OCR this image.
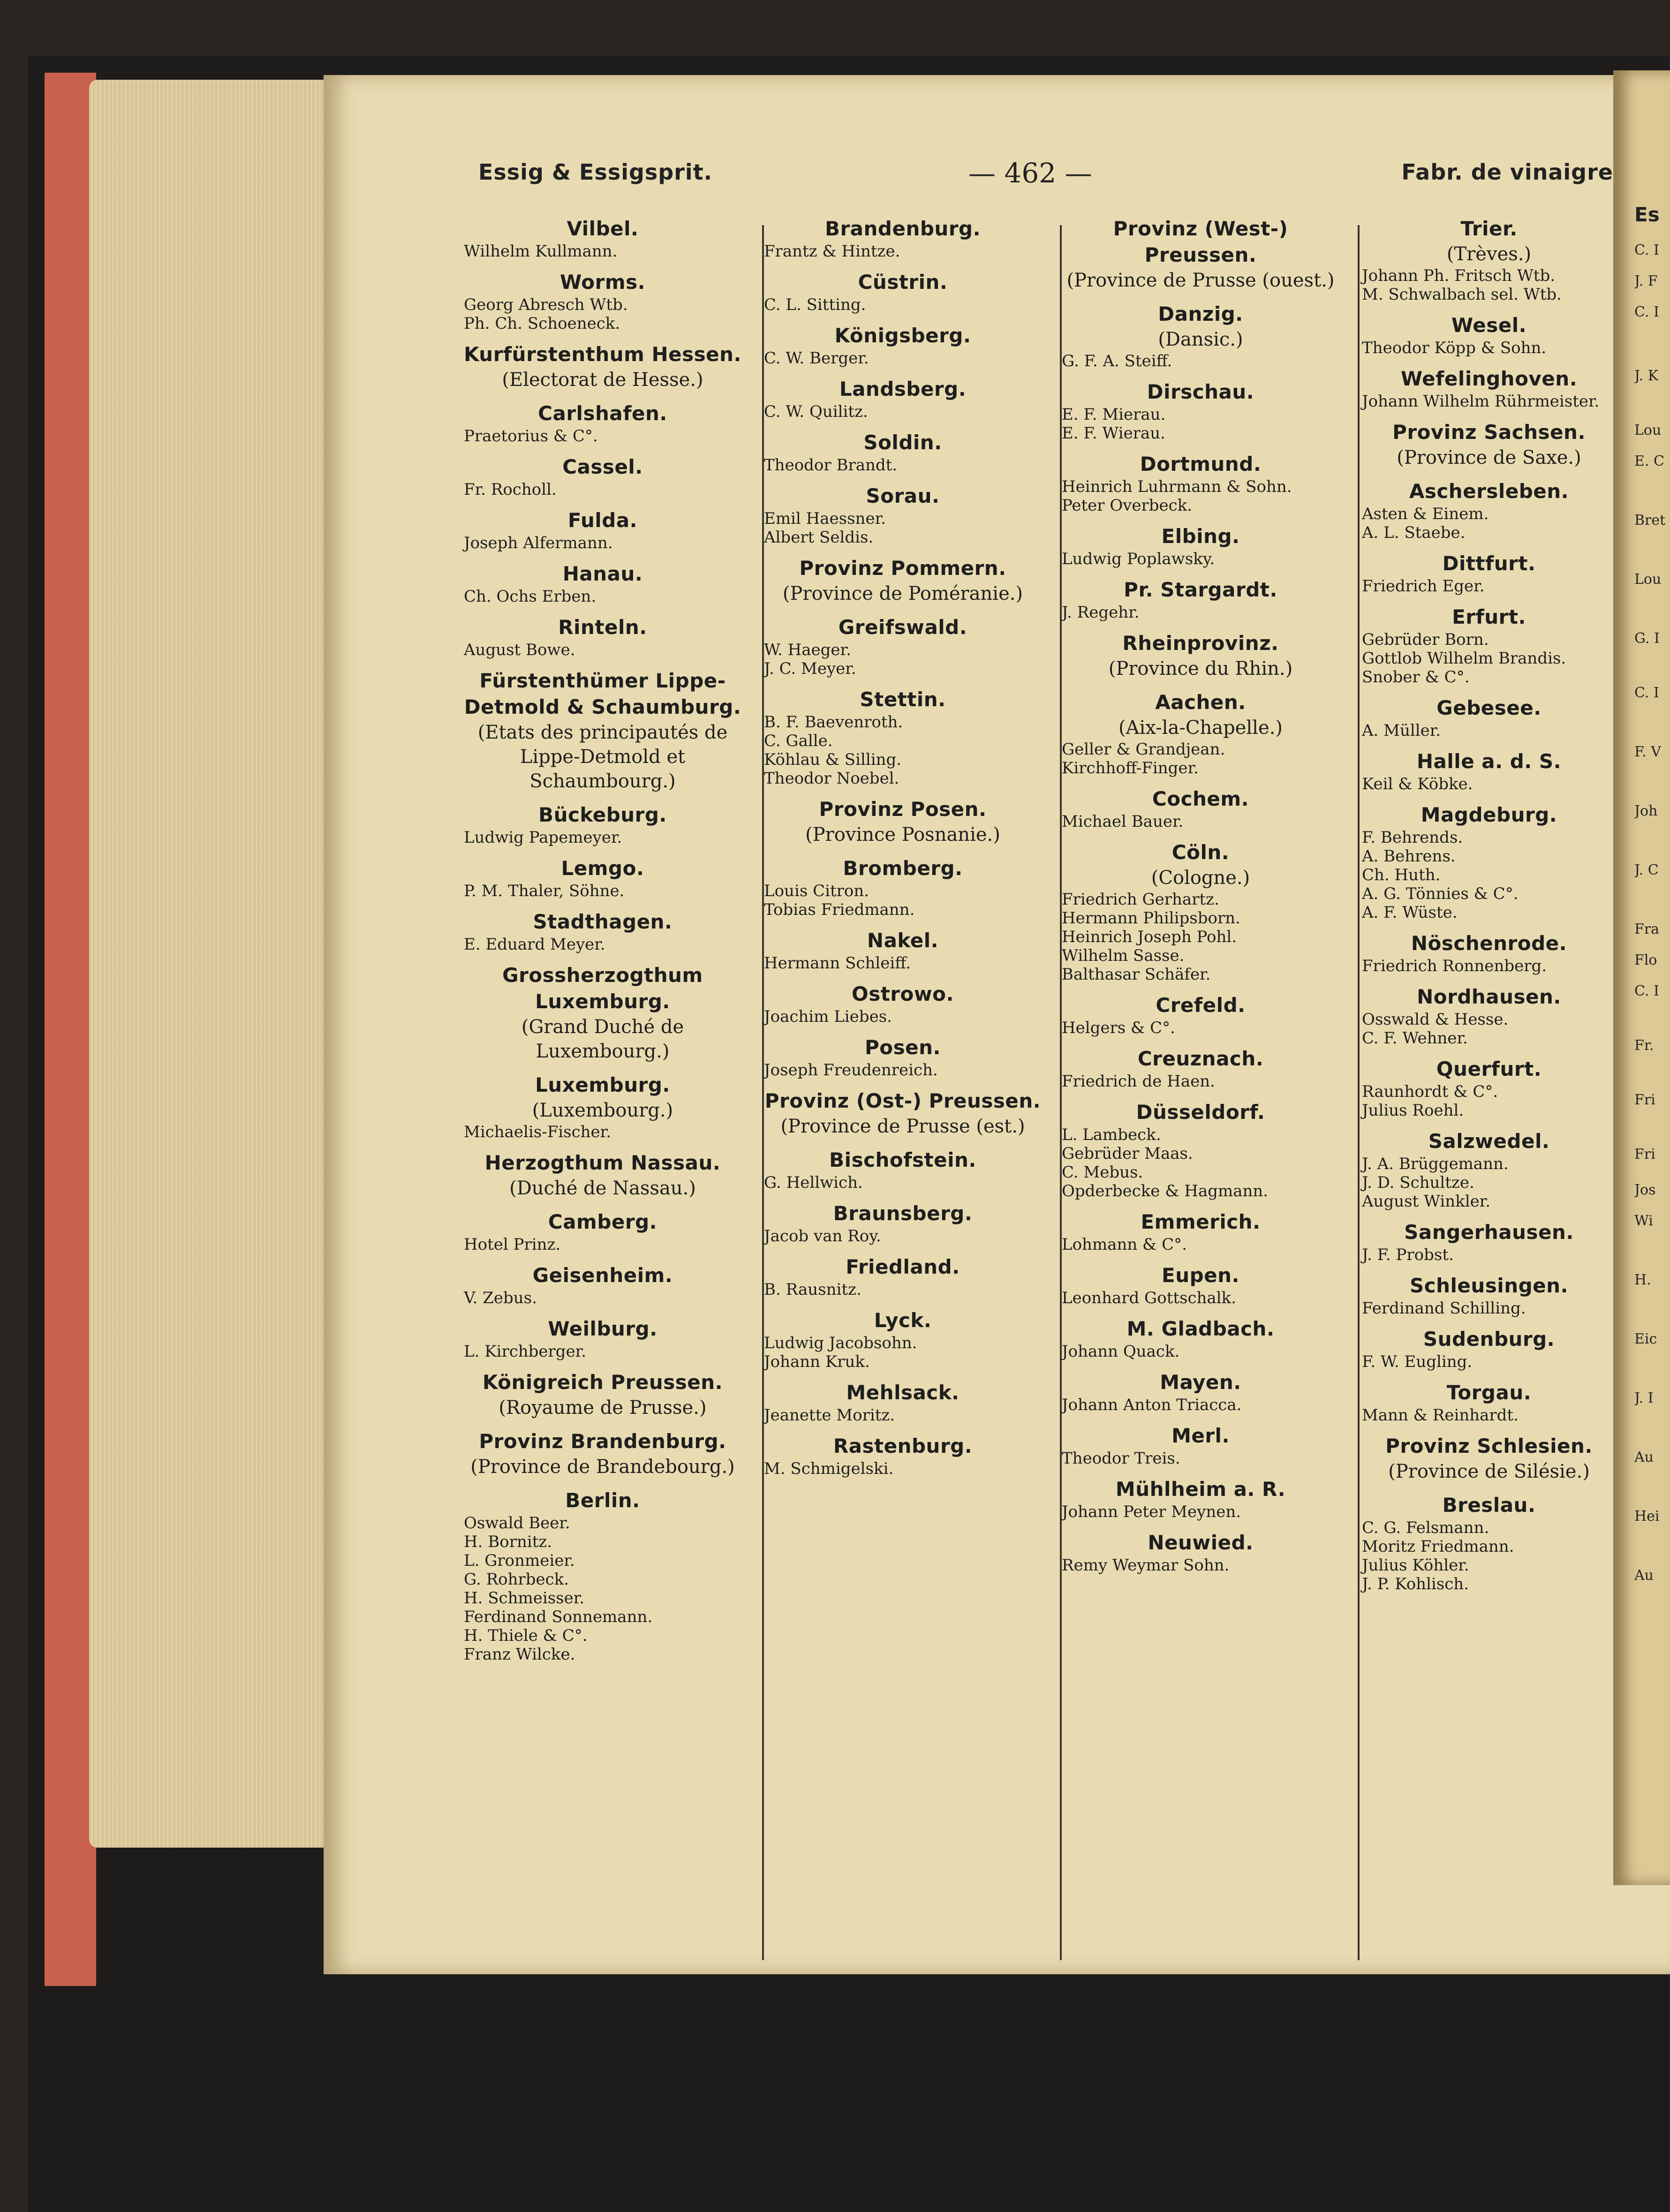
Essig & Essigsprit.	— 462 —	Fabr. de vinaigre
Vilbel.
Wilhelm Kullmann.
Worms.
Georg Abresch Wtb.
Ph. Ch. Schoeneck.
Kurfürstenthum Hessen.
(Electorat de Hesse.)
Carlshafen.
Praetorius & C°.
Cassel.
Fr. Rocholl.
Fulda.
Joseph Alfermann.
Hanau.
Ch. Ochs Erben.
Rinteln.
August Bowe.
Fürstenthümer Lippe-Detmold & Schaumburg.
(Etats des principautés de Lippe-Detmold et Schaumbourg.)
Bückeburg.
Ludwig Papemeyer.
Lemgo.
P. M. Thaler, Söhne.
Stadthagen.
E. Eduard Meyer.
Grossherzogthum Luxemburg.
(Grand Duché de Luxembourg.)
Luxemburg.
(Luxembourg.)
Michaelis-Fischer.
Herzogthum Nassau.
(Duché de Nassau.)
Camberg.
Hotel Prinz.
Geisenheim.
V. Zebus.
Weilburg.
L. Kirchberger.
Königreich Preussen.
(Royaume de Prusse.)
Provinz Brandenburg.
(Province de Brandebourg.)
Berlin.
Oswald Beer.
H. Bornitz.
L. Gronmeier.
G. Rohrbeck.
H. Schmeisser.
Ferdinand Sonnemann.
H. Thiele & C°.
Franz Wilcke.
Brandenburg.
Frantz & Hintze.
Cüstrin.
C. L. Sitting.
Königsberg.
C. W. Berger.
Landsberg.
C. W. Quilitz.
Soldin.
Theodor Brandt.
Sorau.
Emil Haessner.
Albert Seldis.
Provinz Pommern.
(Province de Poméranie.)
Greifswald.
W. Haeger.
J. C. Meyer.
Stettin.
B. F. Baevenroth.
C. Galle.
Köhlau & Silling.
Theodor Noebel.
Provinz Posen.
(Province Posnanie.)
Bromberg.
Louis Citron.
Tobias Friedmann.
Nakel.
Hermann Schleiff.
Ostrowo.
Joachim Liebes.
Posen.
Joseph Freudenreich.
Provinz (Ost-) Preussen.
(Province de Prusse (est.)
Bischofstein.
G. Hellwich.
Braunsberg.
Jacob van Roy.
Friedland.
B. Rausnitz.
Lyck.
Ludwig Jacobsohn.
Johann Kruk.
Mehlsack.
Jeanette Moritz.
Rastenburg.
M. Schmigelski.
Provinz (West-) Preussen.
(Province de Prusse (ouest.)
Danzig.
(Dansic.)
G. F. A. Steiff.
Dirschau.
E. F. Mierau.
E. F. Wierau.
Dortmund.
Heinrich Luhrmann & Sohn.
Peter Overbeck.
Elbing.
Ludwig Poplawsky.
Pr. Stargardt.
J. Regehr.
Rheinprovinz.
(Province du Rhin.)
Aachen.
(Aix-la-Chapelle.)
Geller & Grandjean.
Kirchhoff-Finger.
Cochem.
Michael Bauer.
Cöln.
(Cologne.)
Friedrich Gerhartz.
Hermann Philipsborn.
Heinrich Joseph Pohl.
Wilhelm Sasse.
Balthasar Schäfer.
Crefeld.
Helgers & C°.
Creuznach.
Friedrich de Haen.
Düsseldorf.
L. Lambeck.
Gebrüder Maas.
C. Mebus.
Opderbecke & Hagmann.
Emmerich.
Lohmann & C°.
Eupen.
Leonhard Gottschalk.
M. Gladbach.
Johann Quack.
Mayen.
Johann Anton Triacca.
Merl.
Theodor Treis.
Mühlheim a. R.
Johann Peter Meynen.
Neuwied.
Remy Weymar Sohn.
Trier.
(Trèves.)
Johann Ph. Fritsch Wtb.
M. Schwalbach sel. Wtb.
Wesel.
Theodor Köpp & Sohn.
Wefelinghoven.
Johann Wilhelm Rührmeister.
Provinz Sachsen.
(Province de Saxe.)
Aschersleben.
Asten & Einem.
A. L. Staebe.
Dittfurt.
Friedrich Eger.
Erfurt.
Gebrüder Born.
Gottlob Wilhelm Brandis.
Snober & C°.
Gebesee.
A. Müller.
Halle a. d. S.
Keil & Köbke.
Magdeburg.
F. Behrends.
A. Behrens.
Ch. Huth.
A. G. Tönnies & C°.
A. F. Wüste.
Nöschenrode.
Friedrich Ronnenberg.
Nordhausen.
Osswald & Hesse.
C. F. Wehner.
Querfurt.
Raunhordt & C°.
Julius Roehl.
Salzwedel.
J. A. Brüggemann.
J. D. Schultze.
August Winkler.
Sangerhausen.
J. F. Probst.
Schleusingen.
Ferdinand Schilling.
Sudenburg.
F. W. Eugling.
Torgau.
Mann & Reinhardt.
Provinz Schlesien.
(Province de Silésie.)
Breslau.
C. G. Felsmann.
Moritz Friedmann.
Julius Köhler.
J. P. Kohlisch.
Es
C. I
J. F
C. I
J. K
Lou
E. C
Bret
Lou
G. I
C. I
F. V
Joh
J. C
Fra
Flo
C. I
Fr.
Fri
Fri
Jos
Wi
H.
Eic
J. I
Au
Hei
Au
